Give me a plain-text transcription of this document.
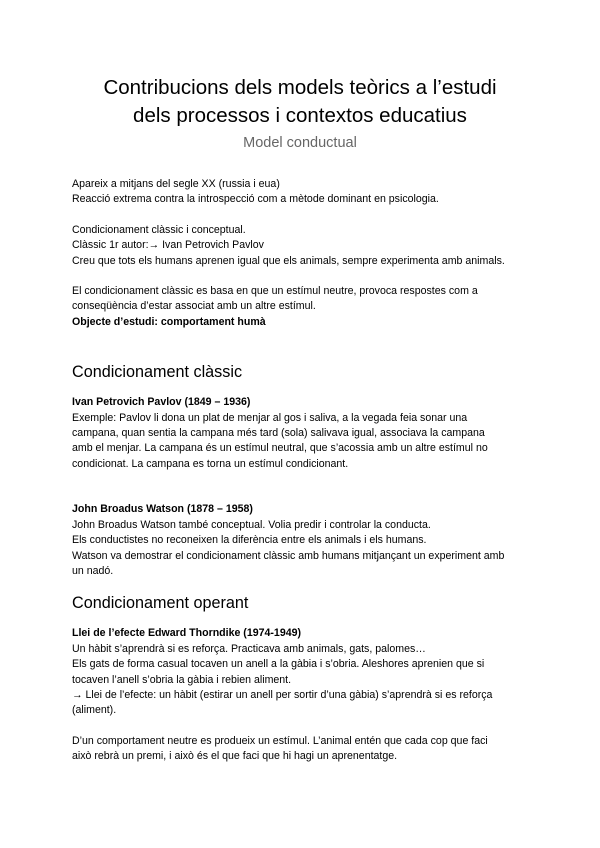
Contribucions dels models teòrics a l’estudi
dels processos i contextos educatius
Model conductual

Apareix a mitjans del segle XX (russia i eua)

Reacció extrema contra la introspecció com a mètode dominant en psicologia.

Condicionament clàssic i conceptual.

Clàssic 1r autor:→ Ivan Petrovich Pavlov

Creu que tots els humans aprenen igual que els animals, sempre experimenta amb animals.

El condicionament clàssic es basa en que un estímul neutre, provoca respostes com a

conseqüència d’estar associat amb un altre estímul.

Objecte d’estudi: comportament humà

Condicionament clàssic

Ivan Petrovich Pavlov (1849 – 1936)

Exemple: Pavlov li dona un plat de menjar al gos i saliva, a la vegada feia sonar una

campana, quan sentia la campana més tard (sola) salivava igual, associava la campana

amb el menjar. La campana és un estímul neutral, que s’acossia amb un altre estímul no

condicionat. La campana es torna un estímul condicionant.

John Broadus Watson (1878 – 1958)

John Broadus Watson també conceptual. Volia predir i controlar la conducta.

Els conductistes no reconeixen la diferència entre els animals i els humans.

Watson va demostrar el condicionament clàssic amb humans mitjançant un experiment amb

un nadó.

Condicionament operant

Llei de l’efecte Edward Thorndike (1974-1949)

Un hàbit s’aprendrà si es reforça. Practicava amb animals, gats, palomes…

Els gats de forma casual tocaven un anell a la gàbia i s’obria. Aleshores aprenien que si

tocaven l’anell s’obria la gàbia i rebien aliment.

→ Llei de l’efecte: un hàbit (estirar un anell per sortir d’una gàbia) s’aprendrà si es reforça

(aliment).

D’un comportament neutre es produeix un estímul. L’animal entén que cada cop que faci

això rebrà un premi, i això és el que faci que hi hagi un aprenentatge.
